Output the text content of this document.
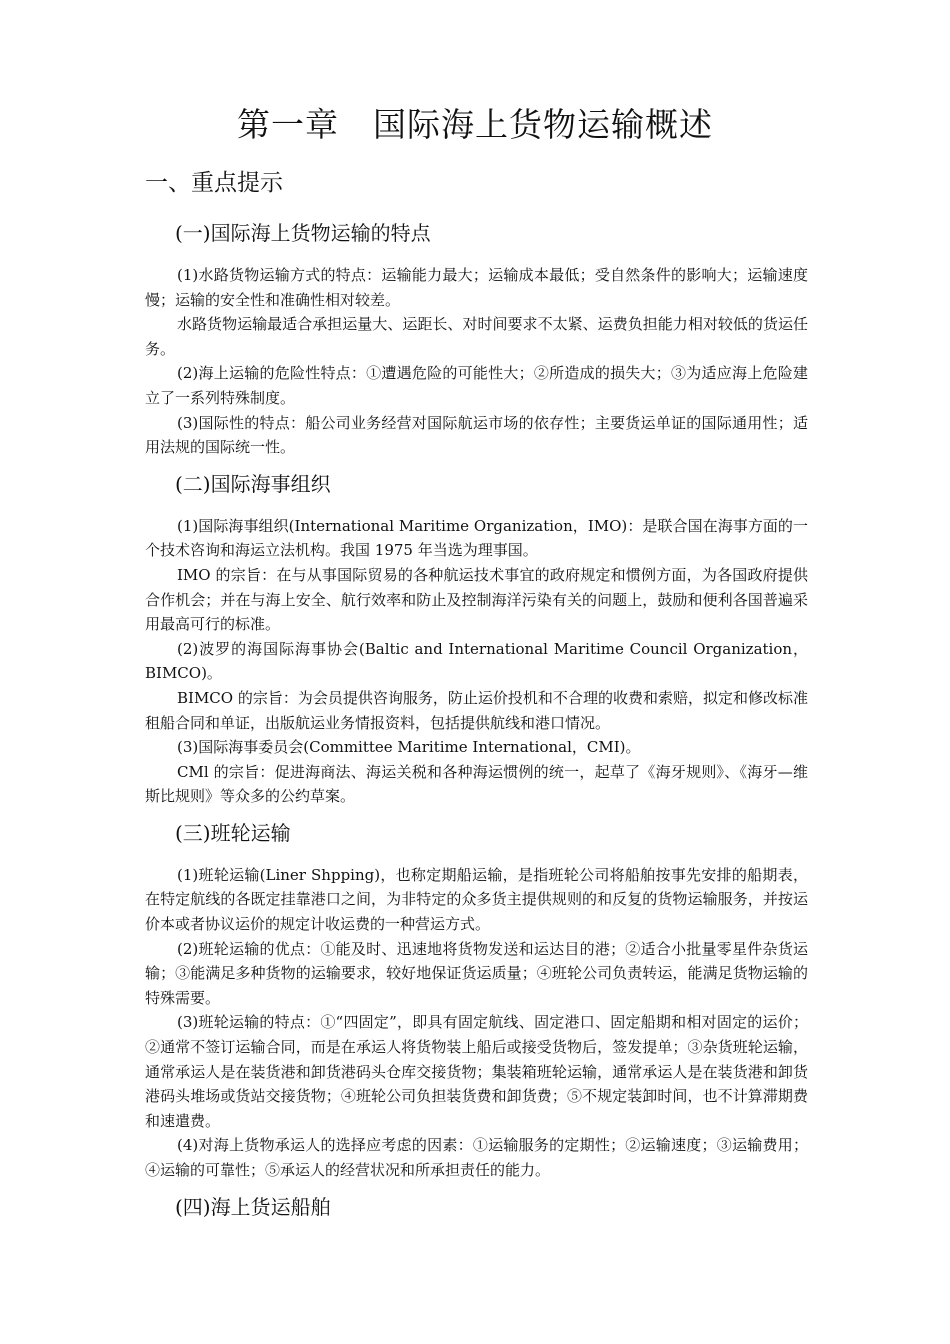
第一章　国际海上货物运输概述
一、重点提示
(一)国际海上货物运输的特点

(1)水路货物运输方式的特点：运输能力最大；运输成本最低；受自然条件的影响大；运输速度慢；运输的安全性和准确性相对较差。

水路货物运输最适合承担运量大、运距长、对时间要求不太紧、运费负担能力相对较低的货运任务。

(2)海上运输的危险性特点：①遭遇危险的可能性大；②所造成的损失大；③为适应海上危险建立了一系列特殊制度。

(3)国际性的特点：船公司业务经营对国际航运市场的依存性；主要货运单证的国际通用性；适用法规的国际统一性。

(二)国际海事组织

(1)国际海事组织(International Maritime Organization，IMO)：是联合国在海事方面的一个技术咨询和海运立法机构。我国 1975 年当选为理事国。

IMO 的宗旨：在与从事国际贸易的各种航运技术事宜的政府规定和惯例方面，为各国政府提供合作机会；并在与海上安全、航行效率和防止及控制海洋污染有关的问题上，鼓励和便利各国普遍采用最高可行的标准。

(2)波罗的海国际海事协会(Baltic and International Maritime Council Organization，BIMCO)。

BIMCO 的宗旨：为会员提供咨询服务，防止运价投机和不合理的收费和索赔，拟定和修改标准租船合同和单证，出版航运业务情报资料，包括提供航线和港口情况。

(3)国际海事委员会(Committee Maritime International，CMI)。

CMl 的宗旨：促进海商法、海运关税和各种海运惯例的统一，起草了《海牙规则》、《海牙—维斯比规则》等众多的公约草案。

(三)班轮运输

(1)班轮运输(Liner Shpping)，也称定期船运输，是指班轮公司将船舶按事先安排的船期表，在特定航线的各既定挂靠港口之间，为非特定的众多货主提供规则的和反复的货物运输服务，并按运价本或者协议运价的规定计收运费的一种营运方式。

(2)班轮运输的优点：①能及时、迅速地将货物发送和运达目的港；②适合小批量零星件杂货运输；③能满足多种货物的运输要求，较好地保证货运质量；④班轮公司负责转运，能满足货物运输的特殊需要。

(3)班轮运输的特点：①“四固定”，即具有固定航线、固定港口、固定船期和相对固定的运价；②通常不签订运输合同，而是在承运人将货物装上船后或接受货物后，签发提单；③杂货班轮运输，通常承运人是在装货港和卸货港码头仓库交接货物；集装箱班轮运输，通常承运人是在装货港和卸货港码头堆场或货站交接货物；④班轮公司负担装货费和卸货费；⑤不规定装卸时间，也不计算滞期费和速遣费。

(4)对海上货物承运人的选择应考虑的因素：①运输服务的定期性；②运输速度；③运输费用；④运输的可靠性；⑤承运人的经营状况和所承担责任的能力。

(四)海上货运船舶
